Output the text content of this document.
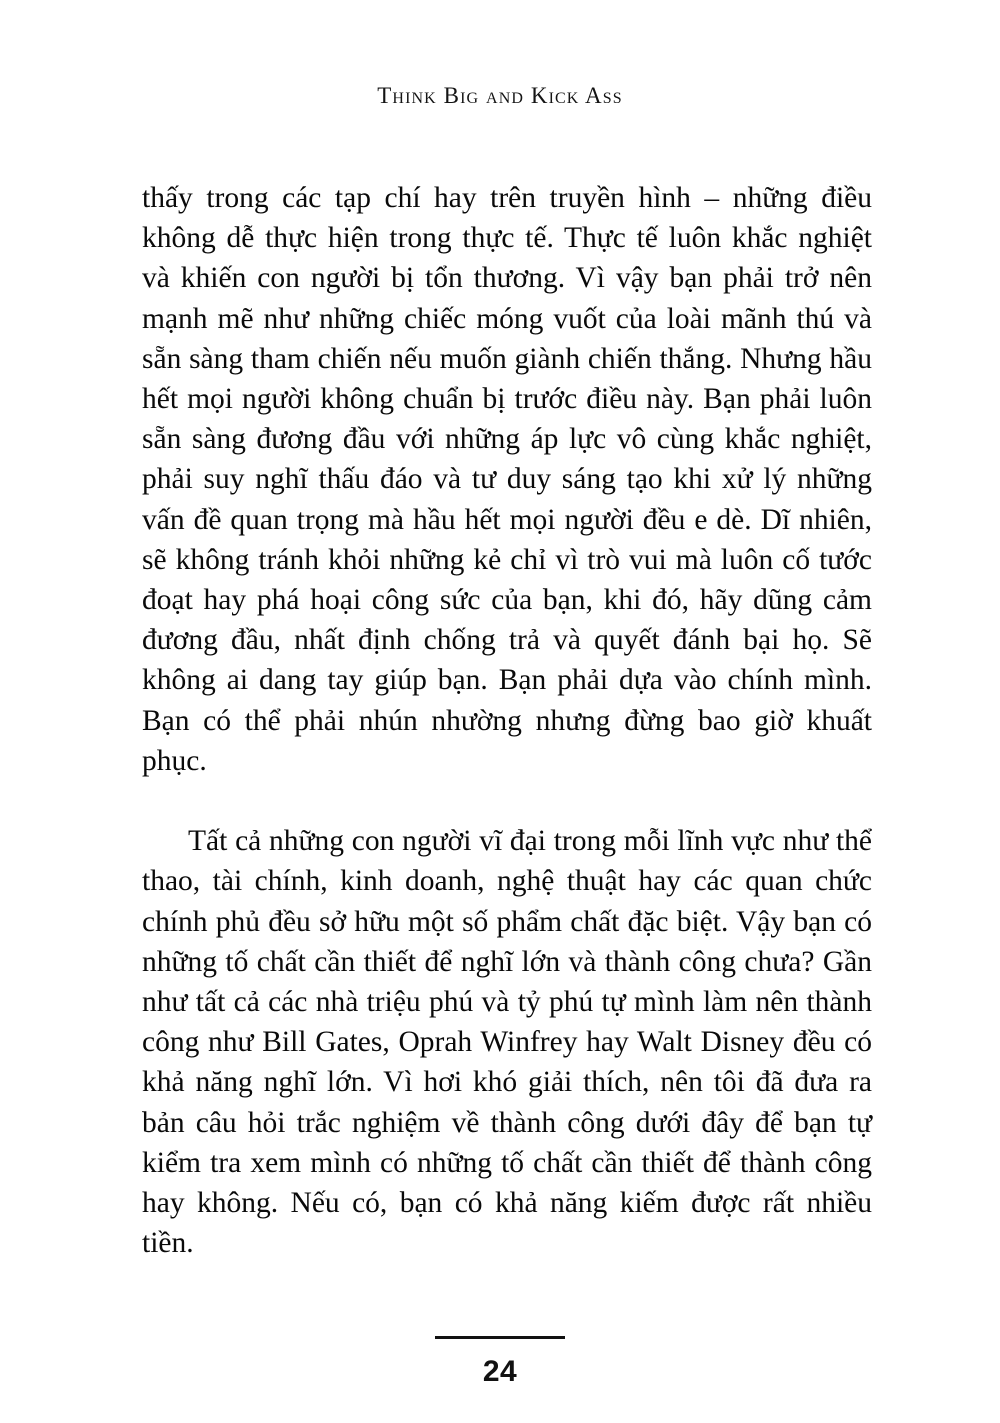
Think Big and Kick Ass

thấy trong các tạp chí hay trên truyền hình – những điều không dễ thực hiện trong thực tế. Thực tế luôn khắc nghiệt và khiến con người bị tổn thương. Vì vậy bạn phải trở nên mạnh mẽ như những chiếc móng vuốt của loài mãnh thú và sẵn sàng tham chiến nếu muốn giành chiến thắng. Nhưng hầu hết mọi người không chuẩn bị trước điều này. Bạn phải luôn sẵn sàng đương đầu với những áp lực vô cùng khắc nghiệt, phải suy nghĩ thấu đáo và tư duy sáng tạo khi xử lý những vấn đề quan trọng mà hầu hết mọi người đều e dè. Dĩ nhiên, sẽ không tránh khỏi những kẻ chỉ vì trò vui mà luôn cố tước đoạt hay phá hoại công sức của bạn, khi đó, hãy dũng cảm đương đầu, nhất định chống trả và quyết đánh bại họ. Sẽ không ai dang tay giúp bạn. Bạn phải dựa vào chính mình. Bạn có thể phải nhún nhường nhưng đừng bao giờ khuất phục.

Tất cả những con người vĩ đại trong mỗi lĩnh vực như thể thao, tài chính, kinh doanh, nghệ thuật hay các quan chức chính phủ đều sở hữu một số phẩm chất đặc biệt. Vậy bạn có những tố chất cần thiết để nghĩ lớn và thành công chưa? Gần như tất cả các nhà triệu phú và tỷ phú tự mình làm nên thành công như Bill Gates, Oprah Winfrey hay Walt Disney đều có khả năng nghĩ lớn. Vì hơi khó giải thích, nên tôi đã đưa ra bản câu hỏi trắc nghiệm về thành công dưới đây để bạn tự kiểm tra xem mình có những tố chất cần thiết để thành công hay không. Nếu có, bạn có khả năng kiếm được rất nhiều tiền.

24
